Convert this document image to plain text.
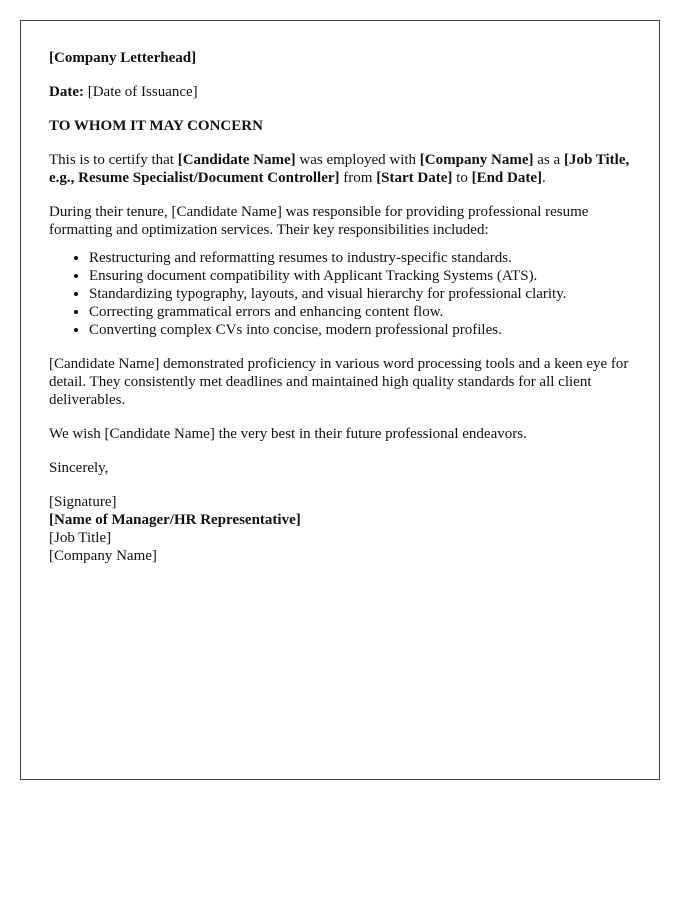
[Company Letterhead]

Date: [Date of Issuance]

TO WHOM IT MAY CONCERN

This is to certify that [Candidate Name] was employed with [Company Name] as a [Job Title, e.g., Resume Specialist/Document Controller] from [Start Date] to [End Date].

During their tenure, [Candidate Name] was responsible for providing professional resume formatting and optimization services. Their key responsibilities included:

• Restructuring and reformatting resumes to industry-specific standards.
• Ensuring document compatibility with Applicant Tracking Systems (ATS).
• Standardizing typography, layouts, and visual hierarchy for professional clarity.
• Correcting grammatical errors and enhancing content flow.
• Converting complex CVs into concise, modern professional profiles.

[Candidate Name] demonstrated proficiency in various word processing tools and a keen eye for detail. They consistently met deadlines and maintained high quality standards for all client deliverables.

We wish [Candidate Name] the very best in their future professional endeavors.

Sincerely,

[Signature]

[Name of Manager/HR Representative]

[Job Title]

[Company Name]
